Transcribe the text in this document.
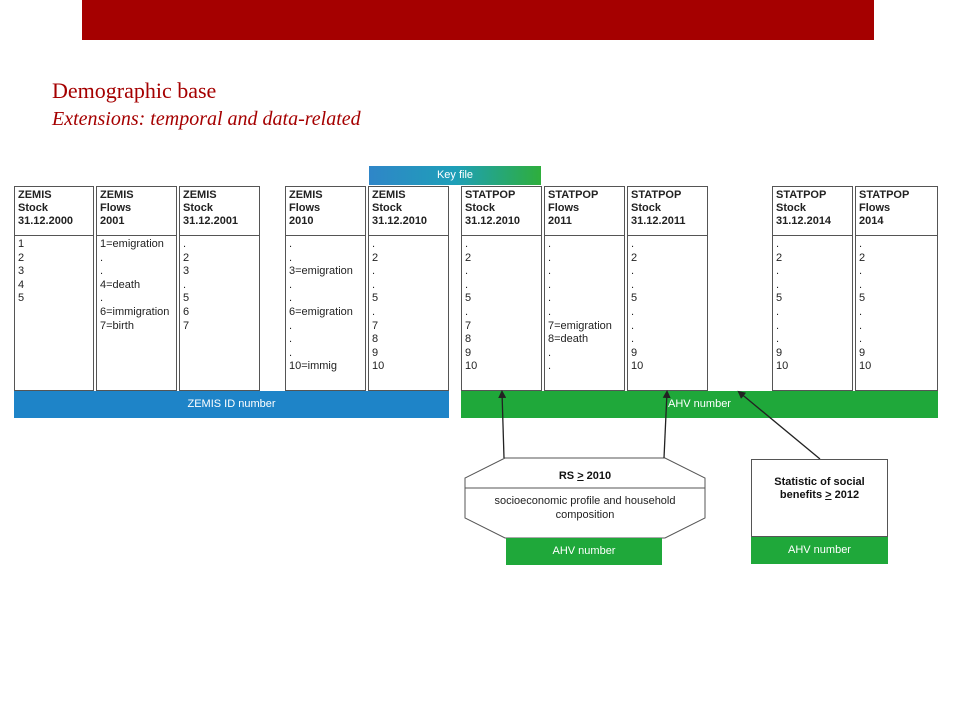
Demographic base
Extensions: temporal and data-related
Key file
ZEMIS
Stock
31.12.2000
1
2
3
4
5
ZEMIS
Flows
2001
1=emigration
.
.
4=death
.
6=immigration
7=birth
ZEMIS
Stock
31.12.2001
.
2
3
.
5
6
7
ZEMIS
Flows
2010
.
.
3=emigration
.
.
6=emigration
.
.
.
10=immig
ZEMIS
Stock
31.12.2010
.
2
.
.
5
.
7
8
9
10
STATPOP
Stock
31.12.2010
.
2
.
.
5
.
7
8
9
10
STATPOP
Flows
2011
.
.
.
.
.
.
7=emigration
8=death
.
.
STATPOP
Stock
31.12.2011
.
2
.
.
5
.
.
.
9
10
STATPOP
Stock
31.12.2014
.
2
.
.
5
.
.
.
9
10
STATPOP
Flows
2014
.
2
.
.
5
.
.
.
9
10
ZEMIS ID number	AHV number
RS > 2010
socioeconomic profile and household composition
AHV number
Statistic of social
benefits > 2012
AHV number
